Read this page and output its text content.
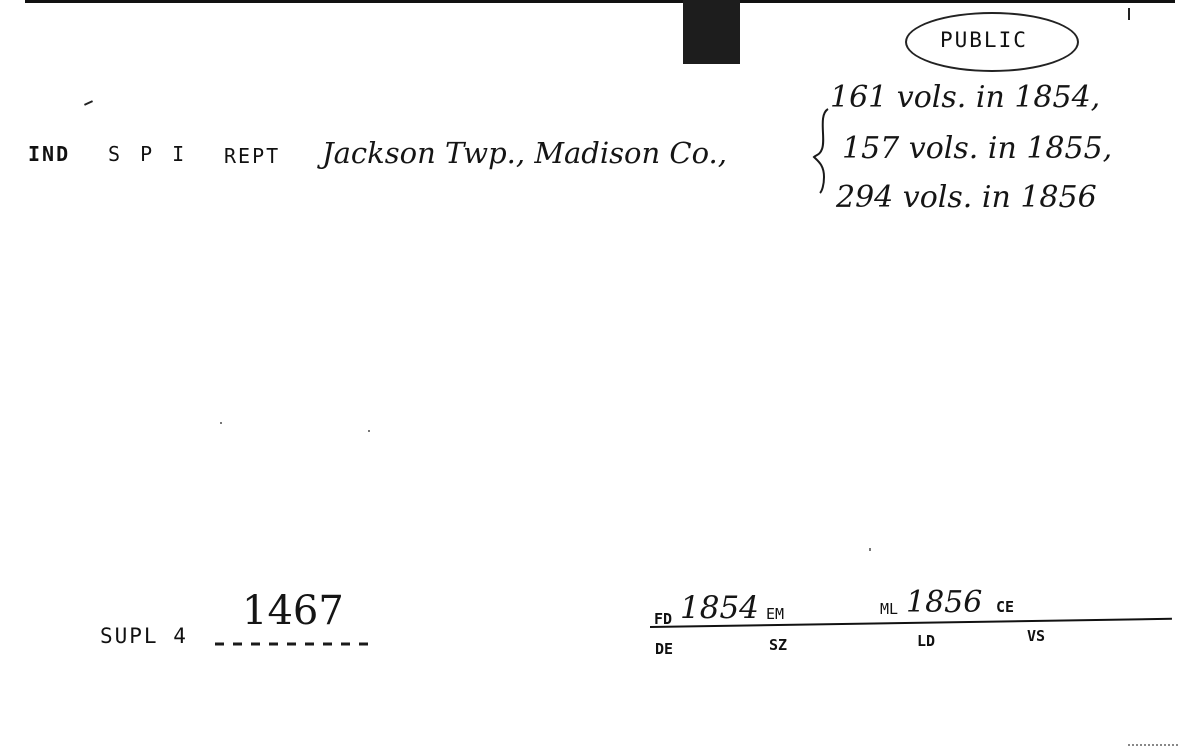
PUBLIC
IND S P I REPT Jackson Twp., Madison Co.,
161 vols. in 1854,
157 vols. in 1855,
294 vols. in 1856
SUPL 4
1467	FD 1854 EM	ML 1856 CE
DE	SZ	LD	VS
